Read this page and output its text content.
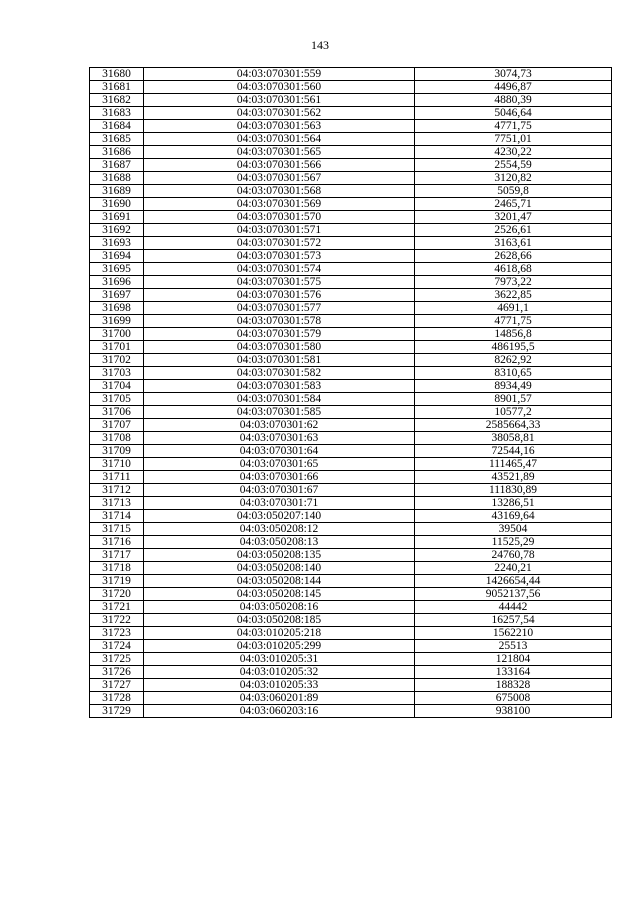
143
31680	04:03:070301:559	3074,73
31681	04:03:070301:560	4496,87
31682	04:03:070301:561	4880,39
31683	04:03:070301:562	5046,64
31684	04:03:070301:563	4771,75
31685	04:03:070301:564	7751,01
31686	04:03:070301:565	4230,22
31687	04:03:070301:566	2554,59
31688	04:03:070301:567	3120,82
31689	04:03:070301:568	5059,8
31690	04:03:070301:569	2465,71
31691	04:03:070301:570	3201,47
31692	04:03:070301:571	2526,61
31693	04:03:070301:572	3163,61
31694	04:03:070301:573	2628,66
31695	04:03:070301:574	4618,68
31696	04:03:070301:575	7973,22
31697	04:03:070301:576	3622,85
31698	04:03:070301:577	4691,1
31699	04:03:070301:578	4771,75
31700	04:03:070301:579	14856,8
31701	04:03:070301:580	486195,5
31702	04:03:070301:581	8262,92
31703	04:03:070301:582	8310,65
31704	04:03:070301:583	8934,49
31705	04:03:070301:584	8901,57
31706	04:03:070301:585	10577,2
31707	04:03:070301:62	2585664,33
31708	04:03:070301:63	38058,81
31709	04:03:070301:64	72544,16
31710	04:03:070301:65	111465,47
31711	04:03:070301:66	43521,89
31712	04:03:070301:67	111830,89
31713	04:03:070301:71	13286,51
31714	04:03:050207:140	43169,64
31715	04:03:050208:12	39504
31716	04:03:050208:13	11525,29
31717	04:03:050208:135	24760,78
31718	04:03:050208:140	2240,21
31719	04:03:050208:144	1426654,44
31720	04:03:050208:145	9052137,56
31721	04:03:050208:16	44442
31722	04:03:050208:185	16257,54
31723	04:03:010205:218	1562210
31724	04:03:010205:299	25513
31725	04:03:010205:31	121804
31726	04:03:010205:32	133164
31727	04:03:010205:33	188328
31728	04:03:060201:89	675008
31729	04:03:060203:16	938100
